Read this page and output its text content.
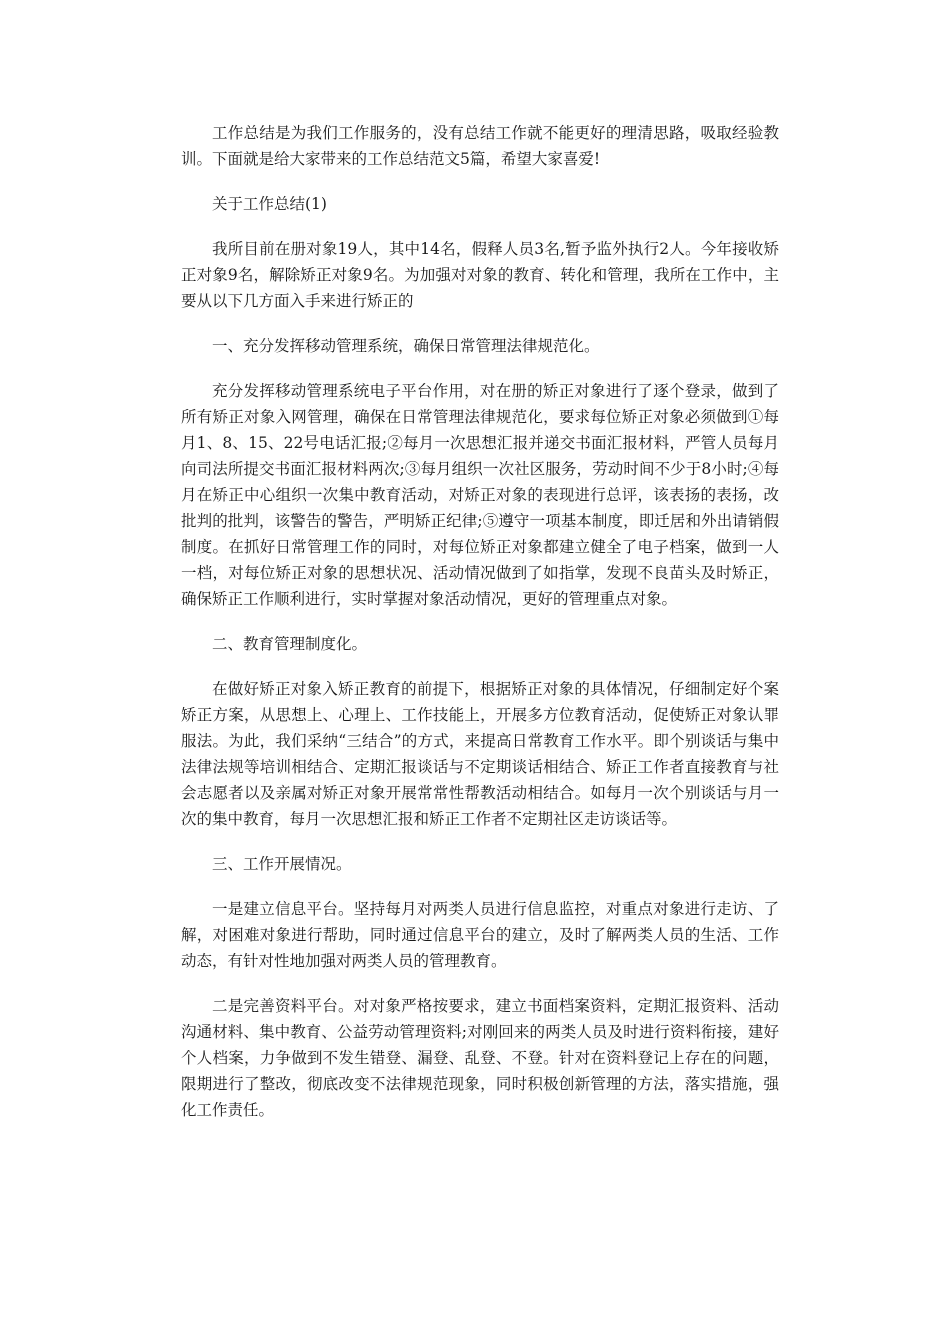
工作总结是为我们工作服务的，没有总结工作就不能更好的理清思路，吸取经验教训。下面就是给大家带来的工作总结范文5篇，希望大家喜爱!

关于工作总结(1)

我所目前在册对象19人，其中14名，假释人员3名,暂予监外执行2人。今年接收矫正对象9名，解除矫正对象9名。为加强对对象的教育、转化和管理，我所在工作中，主要从以下几方面入手来进行矫正的

一、充分发挥移动管理系统，确保日常管理法律规范化。

充分发挥移动管理系统电子平台作用，对在册的矫正对象进行了逐个登录，做到了所有矫正对象入网管理，确保在日常管理法律规范化，要求每位矫正对象必须做到①每月1、8、15、22号电话汇报;②每月一次思想汇报并递交书面汇报材料，严管人员每月向司法所提交书面汇报材料两次;③每月组织一次社区服务，劳动时间不少于8小时;④每月在矫正中心组织一次集中教育活动，对矫正对象的表现进行总评，该表扬的表扬，改批判的批判，该警告的警告，严明矫正纪律;⑤遵守一项基本制度，即迁居和外出请销假制度。在抓好日常管理工作的同时，对每位矫正对象都建立健全了电子档案，做到一人一档，对每位矫正对象的思想状况、活动情况做到了如指掌，发现不良苗头及时矫正，确保矫正工作顺利进行，实时掌握对象活动情况，更好的管理重点对象。

二、教育管理制度化。

在做好矫正对象入矫正教育的前提下，根据矫正对象的具体情况，仔细制定好个案矫正方案，从思想上、心理上、工作技能上，开展多方位教育活动，促使矫正对象认罪服法。为此，我们采纳“三结合”的方式，来提高日常教育工作水平。即个别谈话与集中法律法规等培训相结合、定期汇报谈话与不定期谈话相结合、矫正工作者直接教育与社会志愿者以及亲属对矫正对象开展常常性帮教活动相结合。如每月一次个别谈话与月一次的集中教育，每月一次思想汇报和矫正工作者不定期社区走访谈话等。

三、工作开展情况。

一是建立信息平台。坚持每月对两类人员进行信息监控，对重点对象进行走访、了解，对困难对象进行帮助，同时通过信息平台的建立，及时了解两类人员的生活、工作动态，有针对性地加强对两类人员的管理教育。

二是完善资料平台。对对象严格按要求，建立书面档案资料，定期汇报资料、活动沟通材料、集中教育、公益劳动管理资料;对刚回来的两类人员及时进行资料衔接，建好个人档案，力争做到不发生错登、漏登、乱登、不登。针对在资料登记上存在的问题，限期进行了整改，彻底改变不法律规范现象，同时积极创新管理的方法，落实措施，强化工作责任。
